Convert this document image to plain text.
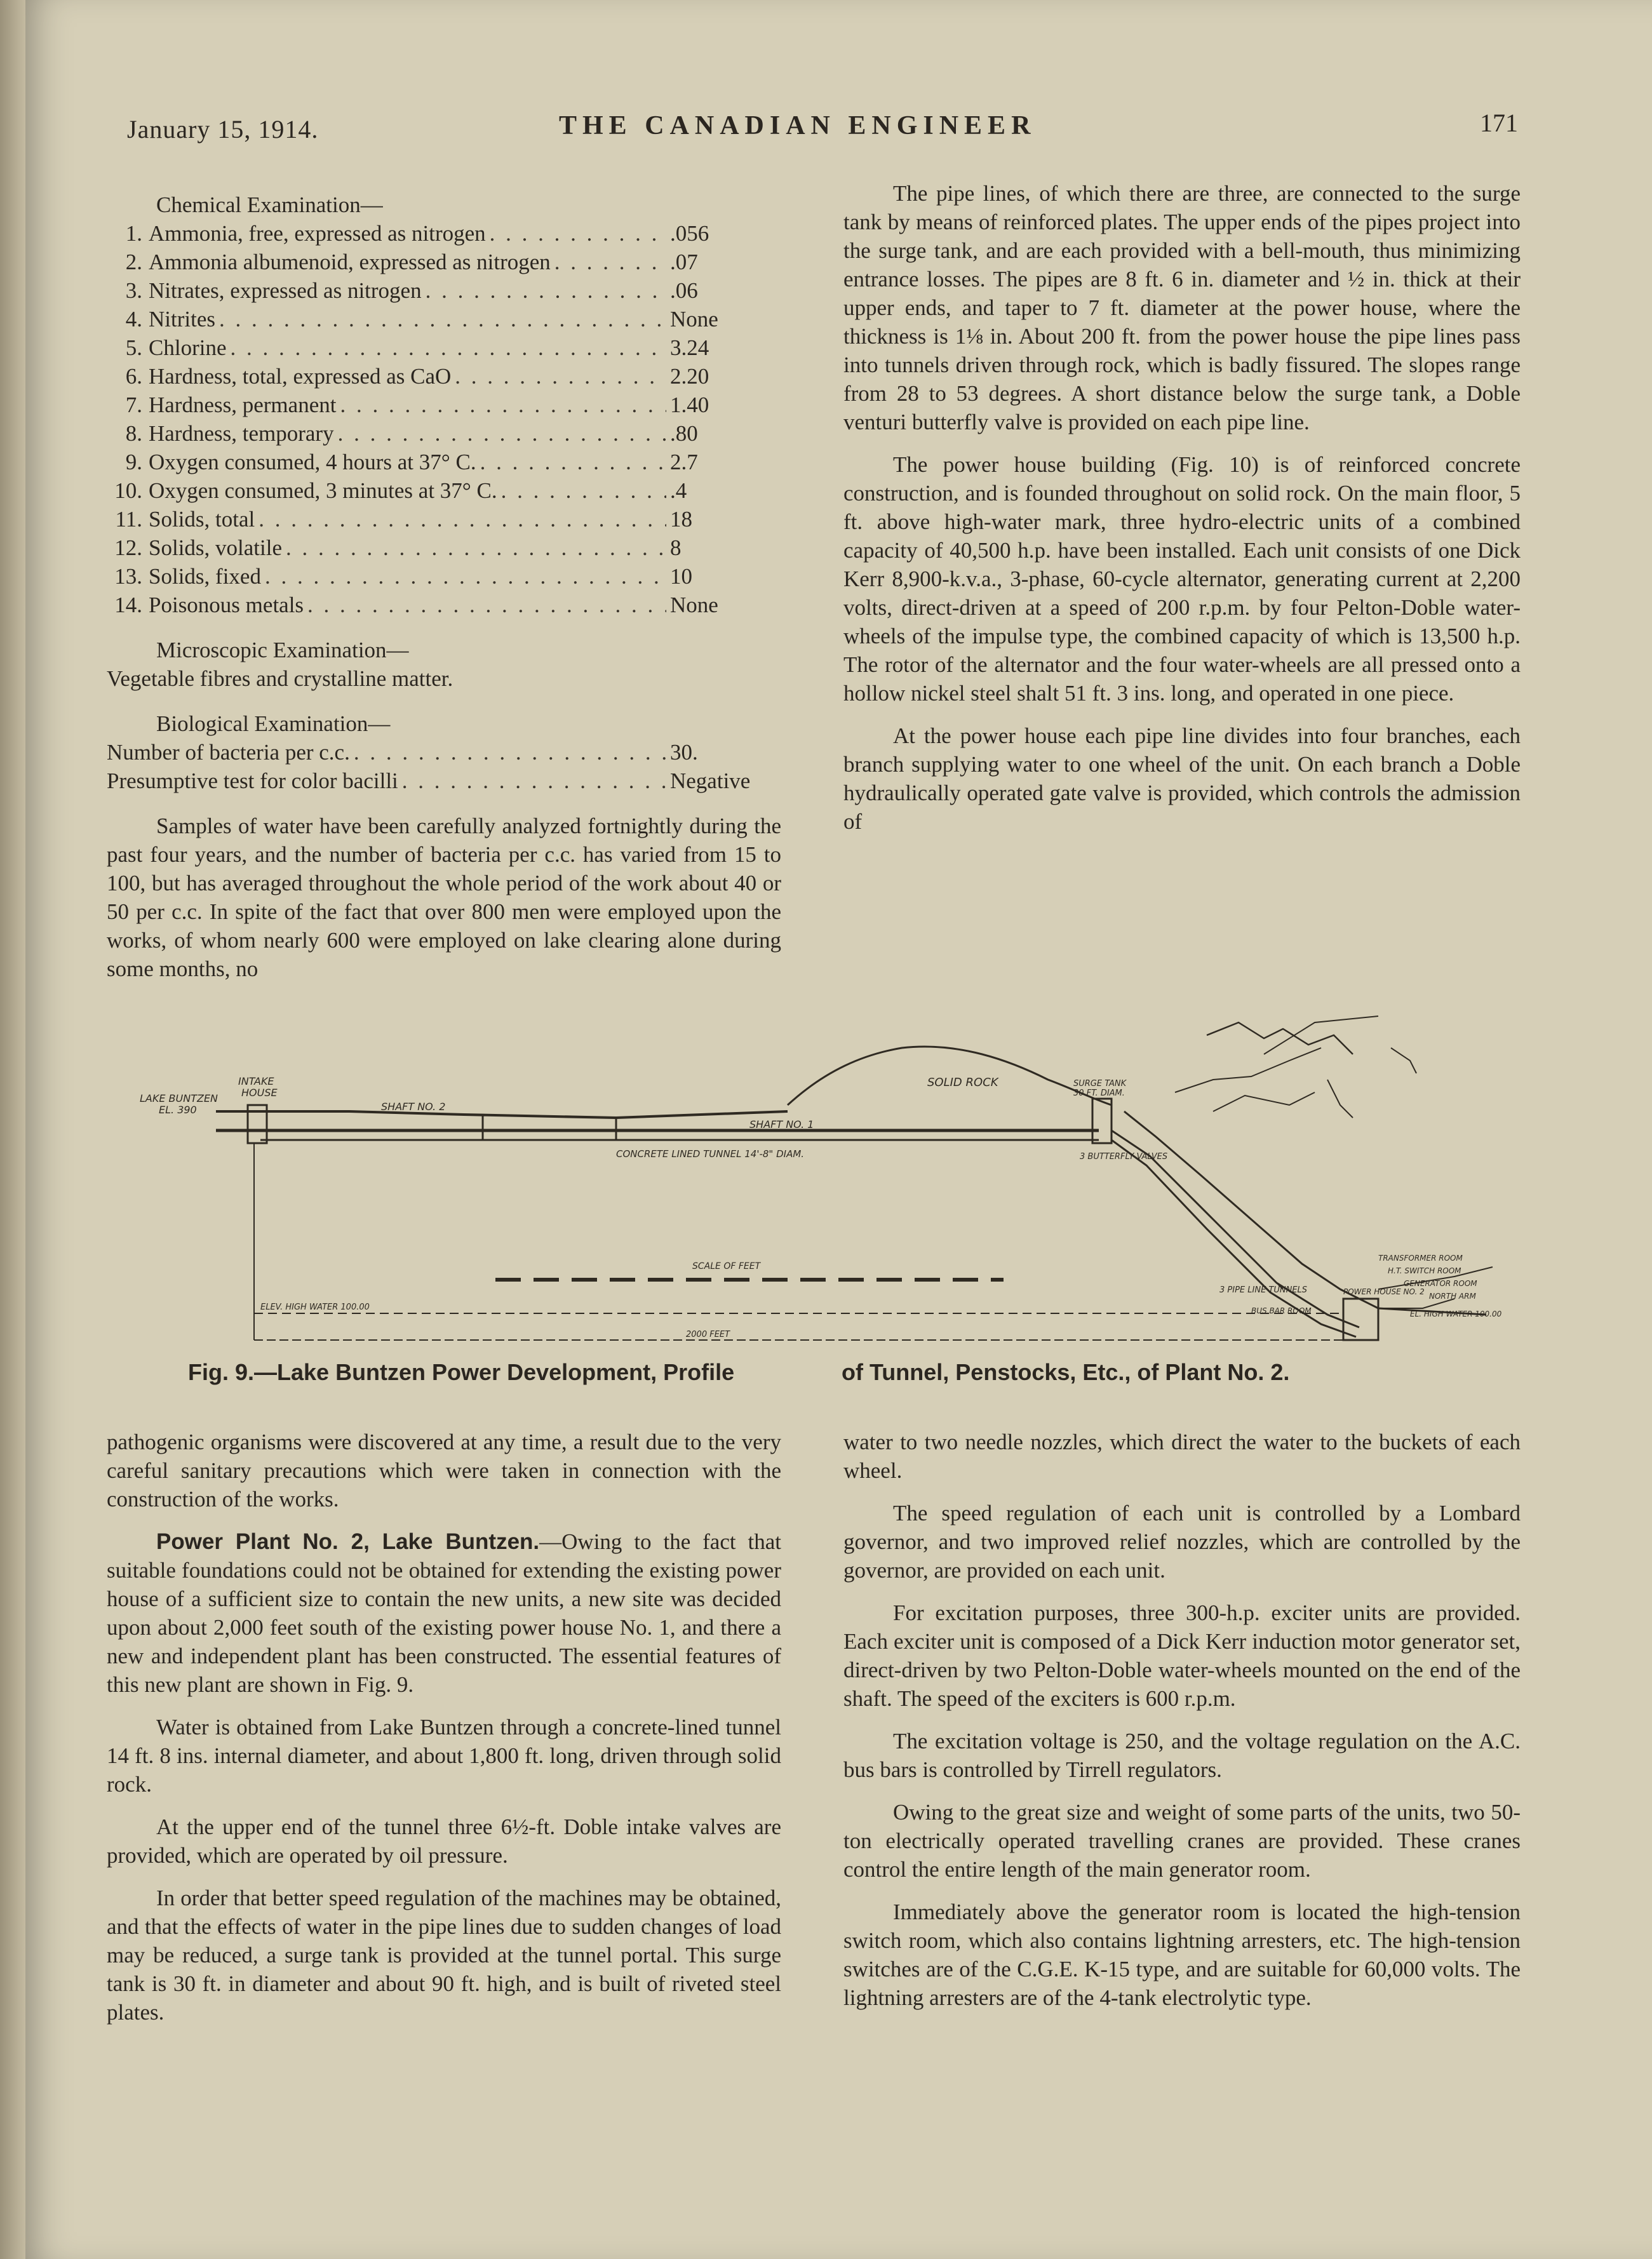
January 15, 1914.	THE CANADIAN ENGINEER	171
Chemical Examination—
1. Ammonia, free, expressed as nitrogen . . .	.056
2. Ammonia albumenoid, expressed as nitrogen . . .	.07
3. Nitrates, expressed as nitrogen . . .	.06
4. Nitrites . . .	None
5. Chlorine . . .	3.24
6. Hardness, total, expressed as CaO . . .	2.20
7. Hardness, permanent . . .	1.40
8. Hardness, temporary . . .	.80
9. Oxygen consumed, 4 hours at 37° C. . . .	2.7
10. Oxygen consumed, 3 minutes at 37° C. . . .	.4
11. Solids, total . . .	18
12. Solids, volatile . . .	8
13. Solids, fixed . . .	10
14. Poisonous metals . . .	None
Microscopic Examination—
Vegetable fibres and crystalline matter.
Biological Examination—
Number of bacteria per c.c. . . .	30.
Presumptive test for color bacilli . . .	Negative

Samples of water have been carefully analyzed fortnightly during the past four years, and the number of bacteria per c.c. has varied from 15 to 100, but has averaged throughout the whole period of the work about 40 or 50 per c.c. In spite of the fact that over 800 men were employed upon the works, of whom nearly 600 were employed on lake clearing alone during some months, no

The pipe lines, of which there are three, are connected to the surge tank by means of reinforced plates. The upper ends of the pipes project into the surge tank, and are each provided with a bell-mouth, thus minimizing entrance losses. The pipes are 8 ft. 6 in. diameter and ½ in. thick at their upper ends, and taper to 7 ft. diameter at the power house, where the thickness is 1⅛ in. About 200 ft. from the power house the pipe lines pass into tunnels driven through rock, which is badly fissured. The slopes range from 28 to 53 degrees. A short distance below the surge tank, a Doble venturi butterfly valve is provided on each pipe line.

The power house building (Fig. 10) is of reinforced concrete construction, and is founded throughout on solid rock. On the main floor, 5 ft. above high-water mark, three hydro-electric units of a combined capacity of 40,500 h.p. have been installed. Each unit consists of one Dick Kerr 8,900-k.v.a., 3-phase, 60-cycle alternator, generating current at 2,200 volts, direct-driven at a speed of 200 r.p.m. by four Pelton-Doble water-wheels of the impulse type, the combined capacity of which is 13,500 h.p. The rotor of the alternator and the four water-wheels are all pressed onto a hollow nickel steel shalt 51 ft. 3 ins. long, and operated in one piece.

At the power house each pipe line divides into four branches, each branch supplying water to one wheel of the unit. On each branch a Doble hydraulically operated gate valve is provided, which controls the admission of

LAKE BUNTZEN
EL. 390
INTAKE
HOUSE
SHAFT NO. 2
SHAFT NO. 1
SOLID ROCK	SURGE TANK
30 FT. DIAM.
CONCRETE LINED TUNNEL 14'-8" DIAM.	3 BUTTERFLY VALVES
3 PIPE LINE TUNNELS
SCALE OF FEET
ELEV. HIGH WATER 100.00
2000 FEET
POWER HOUSE NO. 2
BUS BAR ROOM
TRANSFORMER ROOM
H.T. SWITCH ROOM
GENERATOR ROOM
NORTH ARM
EL. HIGH WATER 100.00
Fig. 9.—Lake Buntzen Power Development, Profile	of Tunnel, Penstocks, Etc., of Plant No. 2.

pathogenic organisms were discovered at any time, a result due to the very careful sanitary precautions which were taken in connection with the construction of the works.

Power Plant No. 2, Lake Buntzen.—Owing to the fact that suitable foundations could not be obtained for extending the existing power house of a sufficient size to contain the new units, a new site was decided upon about 2,000 feet south of the existing power house No. 1, and there a new and independent plant has been constructed. The essential features of this new plant are shown in Fig. 9.

Water is obtained from Lake Buntzen through a concrete-lined tunnel 14 ft. 8 ins. internal diameter, and about 1,800 ft. long, driven through solid rock.

At the upper end of the tunnel three 6½-ft. Doble intake valves are provided, which are operated by oil pressure.

In order that better speed regulation of the machines may be obtained, and that the effects of water in the pipe lines due to sudden changes of load may be reduced, a surge tank is provided at the tunnel portal. This surge tank is 30 ft. in diameter and about 90 ft. high, and is built of riveted steel plates.

water to two needle nozzles, which direct the water to the buckets of each wheel.

The speed regulation of each unit is controlled by a Lombard governor, and two improved relief nozzles, which are controlled by the governor, are provided on each unit.

For excitation purposes, three 300-h.p. exciter units are provided. Each exciter unit is composed of a Dick Kerr induction motor generator set, direct-driven by two Pelton-Doble water-wheels mounted on the end of the shaft. The speed of the exciters is 600 r.p.m.

The excitation voltage is 250, and the voltage regulation on the A.C. bus bars is controlled by Tirrell regulators.

Owing to the great size and weight of some parts of the units, two 50-ton electrically operated travelling cranes are provided. These cranes control the entire length of the main generator room.

Immediately above the generator room is located the high-tension switch room, which also contains lightning arresters, etc. The high-tension switches are of the C.G.E. K-15 type, and are suitable for 60,000 volts. The lightning arresters are of the 4-tank electrolytic type.
